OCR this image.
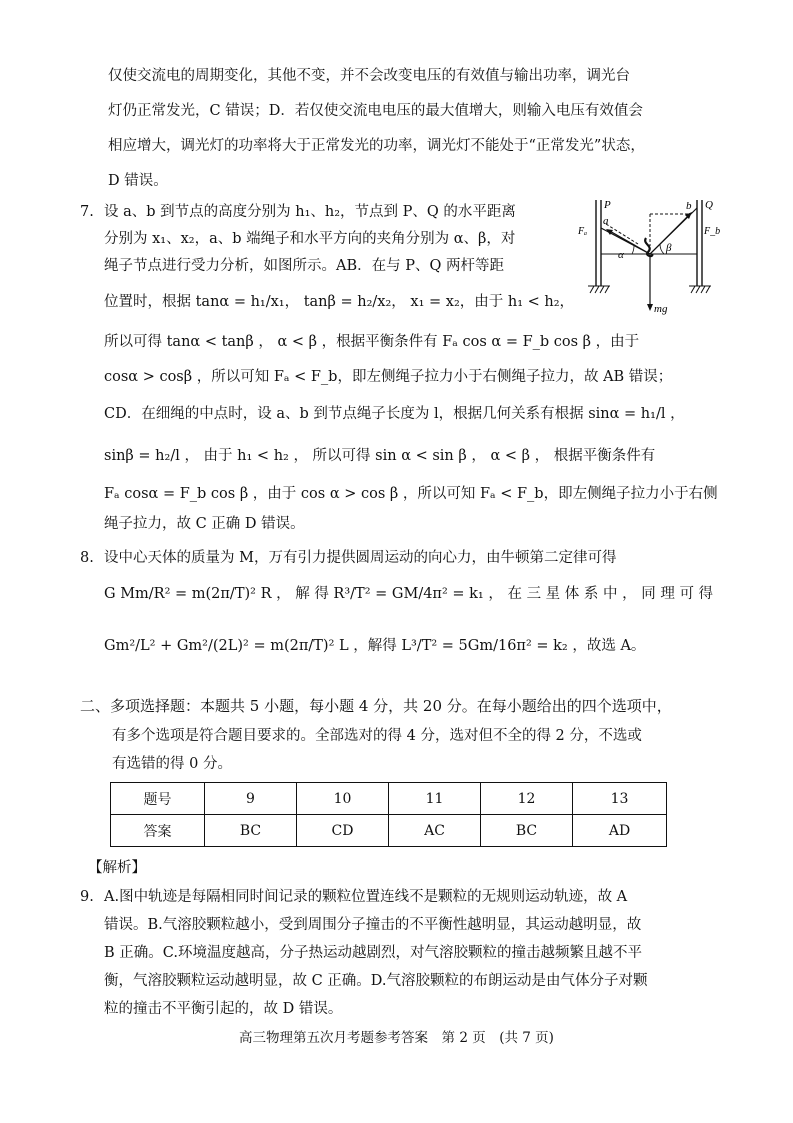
仅使交流电的周期变化，其他不变，并不会改变电压的有效值与输出功率，调光台
灯仍正常发光，C 错误；D．若仅使交流电电压的最大值增大，则输入电压有效值会
相应增大，调光灯的功率将大于正常发光的功率，调光灯不能处于“正常发光”状态，
D 错误。
7. 设 a、b 到节点的高度分别为 h₁、h₂，节点到 P、Q 的水平距离
分别为 x₁、x₂，a、b 端绳子和水平方向的夹角分别为 α、β，对
绳子节点进行受力分析，如图所示。AB．在与 P、Q 两杆等距
位置时，根据 tanα = h₁/x₁， tanβ = h₂/x₂， x₁ = x₂，由于 h₁ < h₂，
所以可得 tanα < tanβ ， α < β ，根据平衡条件有 Fₐ cos α = F_b cos β ，由于
cosα > cosβ ，所以可知 Fₐ < F_b，即左侧绳子拉力小于右侧绳子拉力，故 AB 错误；
CD．在细绳的中点时，设 a、b 到节点绳子长度为 l，根据几何关系有根据 sinα = h₁/l ，
sinβ = h₂/l ， 由于 h₁ < h₂ ， 所以可得 sin α < sin β ， α < β ， 根据平衡条件有
Fₐ cosα = F_b cos β ，由于 cos α > cos β ，所以可知 Fₐ < F_b，即左侧绳子拉力小于右侧
绳子拉力，故 C 正确 D 错误。
P	Q
a
b
Fₐ	F_b
α
β
mg
8. 设中心天体的质量为 M，万有引力提供圆周运动的向心力，由牛顿第二定律可得
G Mm/R² = m(2π/T)² R ， 解 得 R³/T² = GM/4π² = k₁ ， 在 三 星 体 系 中 ， 同 理 可 得
Gm²/L² + Gm²/(2L)² = m(2π/T)² L ，解得 L³/T² = 5Gm/16π² = k₂ ，故选 A。
二、多项选择题：本题共 5 小题，每小题 4 分，共 20 分。在每小题给出的四个选项中，
有多个选项是符合题目要求的。全部选对的得 4 分，选对但不全的得 2 分，不选或
有选错的得 0 分。
题号	9	10	11	12	13
答案	BC	CD	AC	BC	AD
【解析】
9. A.图中轨迹是每隔相同时间记录的颗粒位置连线不是颗粒的无规则运动轨迹，故 A
错误。B.气溶胶颗粒越小，受到周围分子撞击的不平衡性越明显，其运动越明显，故
B 正确。C.环境温度越高，分子热运动越剧烈，对气溶胶颗粒的撞击越频繁且越不平
衡，气溶胶颗粒运动越明显，故 C 正确。D.气溶胶颗粒的布朗运动是由气体分子对颗
粒的撞击不平衡引起的，故 D 错误。
高三物理第五次月考题参考答案　第 2 页　(共 7 页)
